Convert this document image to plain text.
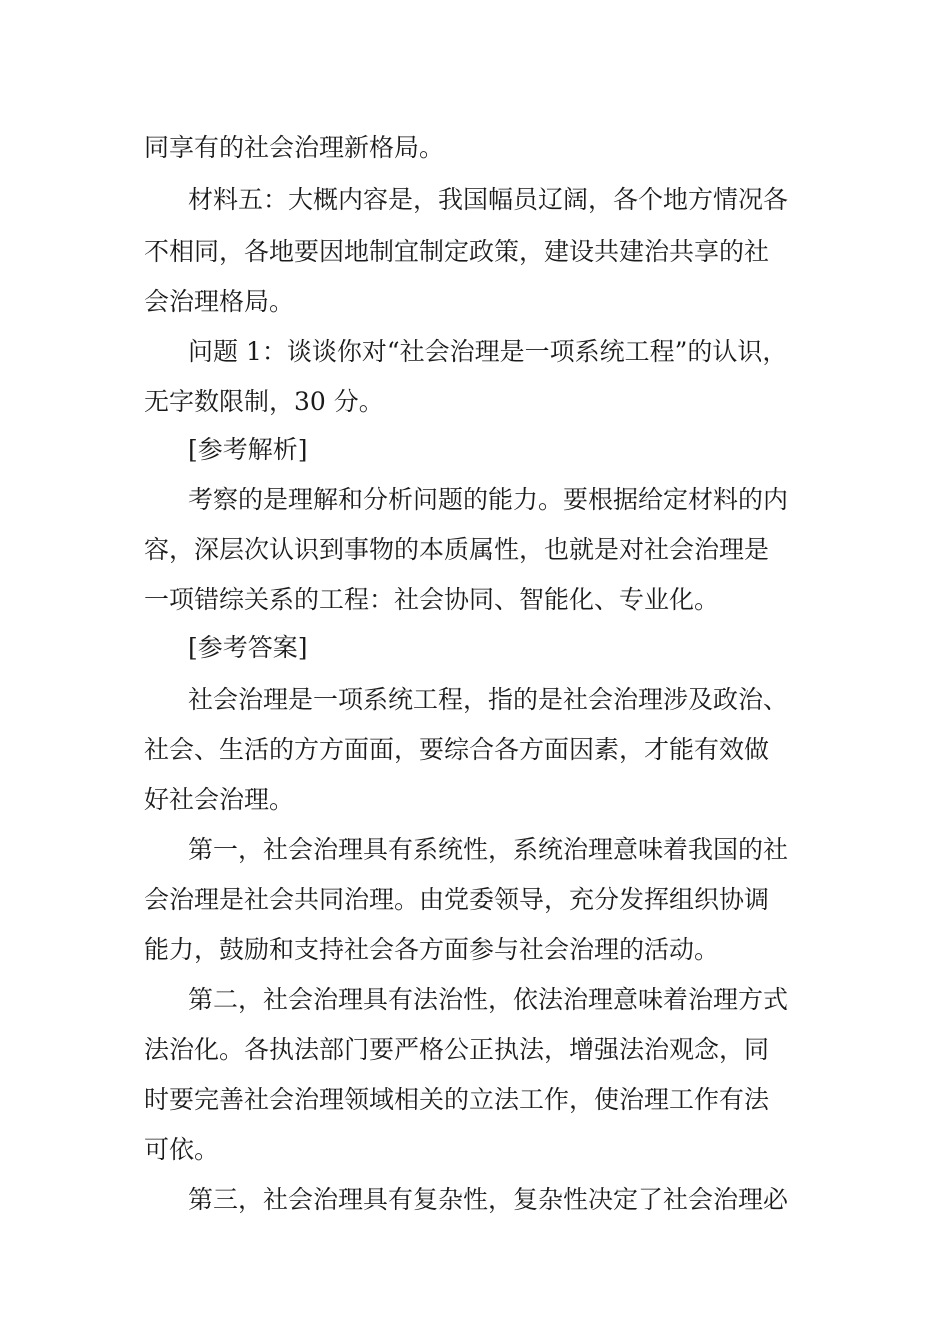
同享有的社会治理新格局。
材料五：大概内容是，我国幅员辽阔，各个地方情况各
不相同，各地要因地制宜制定政策，建设共建治共享的社
会治理格局。
问题 1：谈谈你对“社会治理是一项系统工程”的认识，
无字数限制，30 分。
[参考解析]
考察的是理解和分析问题的能力。要根据给定材料的内
容，深层次认识到事物的本质属性，也就是对社会治理是
一项错综关系的工程：社会协同、智能化、专业化。
[参考答案]
社会治理是一项系统工程，指的是社会治理涉及政治、
社会、生活的方方面面，要综合各方面因素，才能有效做
好社会治理。
第一，社会治理具有系统性，系统治理意味着我国的社
会治理是社会共同治理。由党委领导，充分发挥组织协调
能力，鼓励和支持社会各方面参与社会治理的活动。
第二，社会治理具有法治性，依法治理意味着治理方式
法治化。各执法部门要严格公正执法，增强法治观念，同
时要完善社会治理领域相关的立法工作，使治理工作有法
可依。
第三，社会治理具有复杂性，复杂性决定了社会治理必
